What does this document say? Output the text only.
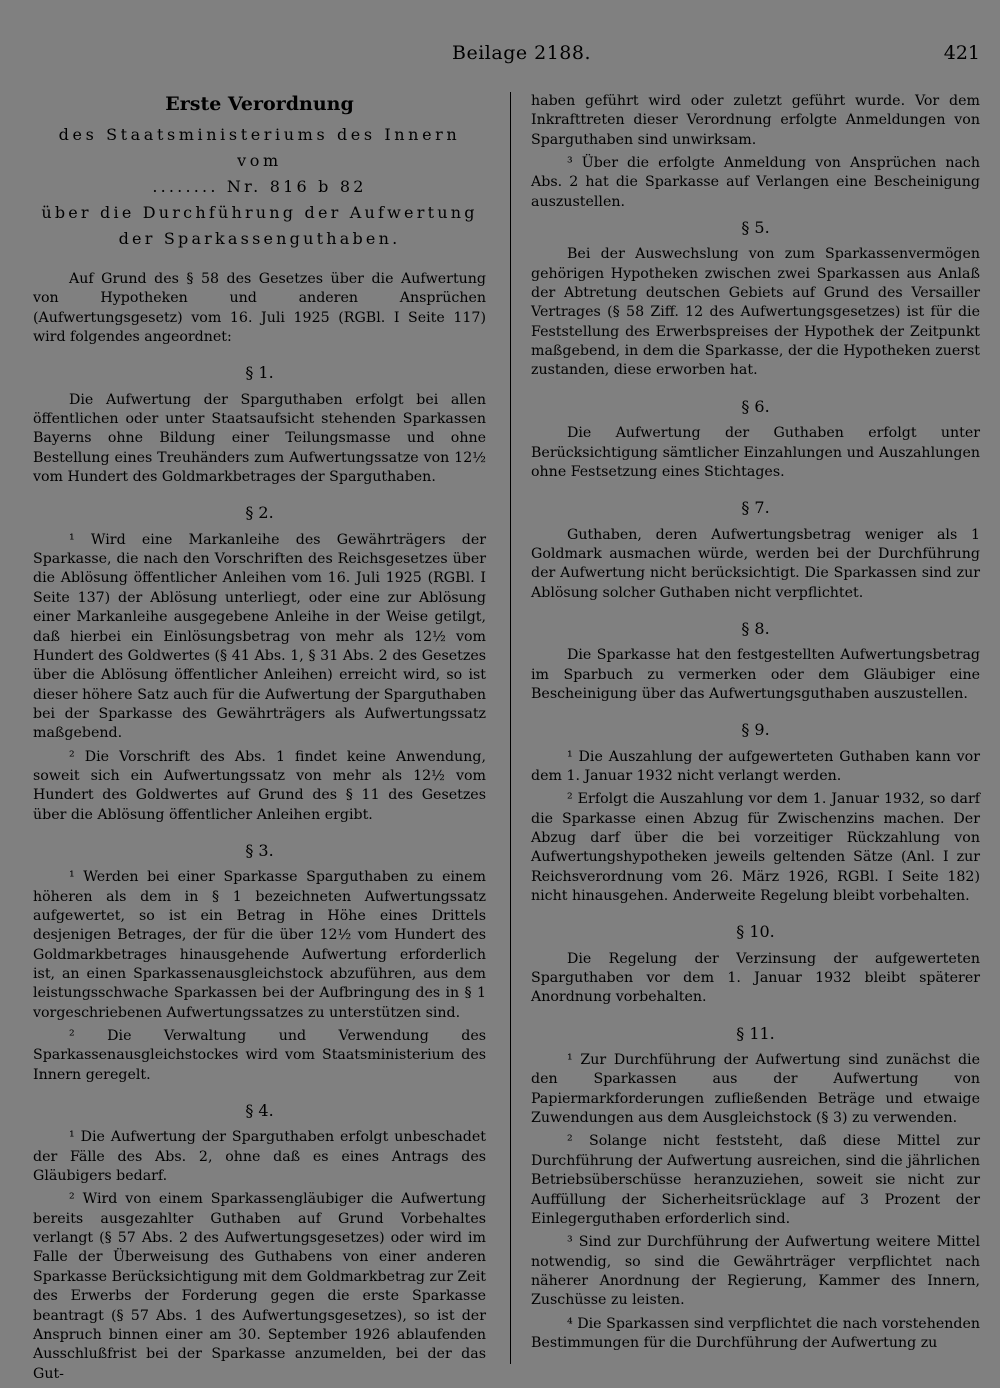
Beilage 2188.	421
Erste Verordnung
des Staatsministeriums des Innern vom
........ Nr. 816 b 82
über die Durchführung der Aufwertung
der Sparkassenguthaben.

Auf Grund des § 58 des Gesetzes über die Aufwertung von Hypotheken und anderen Ansprüchen (Aufwertungsgesetz) vom 16. Juli 1925 (RGBl. I Seite 117) wird folgendes angeordnet:

§ 1.

Die Aufwertung der Sparguthaben erfolgt bei allen öffentlichen oder unter Staatsaufsicht stehenden Sparkassen Bayerns ohne Bildung einer Teilungsmasse und ohne Bestellung eines Treuhänders zum Aufwertungssatze von 12½ vom Hundert des Goldmarkbetrages der Sparguthaben.

§ 2.

¹ Wird eine Markanleihe des Gewährträgers der Sparkasse, die nach den Vorschriften des Reichsgesetzes über die Ablösung öffentlicher Anleihen vom 16. Juli 1925 (RGBl. I Seite 137) der Ablösung unterliegt, oder eine zur Ablösung einer Markanleihe ausgegebene Anleihe in der Weise getilgt, daß hierbei ein Einlösungsbetrag von mehr als 12½ vom Hundert des Goldwertes (§ 41 Abs. 1, § 31 Abs. 2 des Gesetzes über die Ablösung öffentlicher Anleihen) erreicht wird, so ist dieser höhere Satz auch für die Aufwertung der Sparguthaben bei der Sparkasse des Gewährträgers als Aufwertungssatz maßgebend.

² Die Vorschrift des Abs. 1 findet keine Anwendung, soweit sich ein Aufwertungssatz von mehr als 12½ vom Hundert des Goldwertes auf Grund des § 11 des Gesetzes über die Ablösung öffentlicher Anleihen ergibt.

§ 3.

¹ Werden bei einer Sparkasse Sparguthaben zu einem höheren als dem in § 1 bezeichneten Aufwertungssatz aufgewertet, so ist ein Betrag in Höhe eines Drittels desjenigen Betrages, der für die über 12½ vom Hundert des Goldmarkbetrages hinausgehende Aufwertung erforderlich ist, an einen Sparkassenausgleichstock abzuführen, aus dem leistungsschwache Sparkassen bei der Aufbringung des in § 1 vorgeschriebenen Aufwertungssatzes zu unterstützen sind.

² Die Verwaltung und Verwendung des Sparkassenausgleichstockes wird vom Staatsministerium des Innern geregelt.

§ 4.

¹ Die Aufwertung der Sparguthaben erfolgt unbeschadet der Fälle des Abs. 2, ohne daß es eines Antrags des Gläubigers bedarf.

² Wird von einem Sparkassengläubiger die Aufwertung bereits ausgezahlter Guthaben auf Grund Vorbehaltes verlangt (§ 57 Abs. 2 des Aufwertungsgesetzes) oder wird im Falle der Überweisung des Guthabens von einer anderen Sparkasse Berücksichtigung mit dem Goldmarkbetrag zur Zeit des Erwerbs der Forderung gegen die erste Sparkasse beantragt (§ 57 Abs. 1 des Aufwertungsgesetzes), so ist der Anspruch binnen einer am 30. September 1926 ablaufenden Ausschlußfrist bei der Sparkasse anzumelden, bei der das Gut-

haben geführt wird oder zuletzt geführt wurde. Vor dem Inkrafttreten dieser Verordnung erfolgte Anmeldungen von Sparguthaben sind unwirksam.

³ Über die erfolgte Anmeldung von Ansprüchen nach Abs. 2 hat die Sparkasse auf Verlangen eine Bescheinigung auszustellen.

§ 5.

Bei der Auswechslung von zum Sparkassenvermögen gehörigen Hypotheken zwischen zwei Sparkassen aus Anlaß der Abtretung deutschen Gebiets auf Grund des Versailler Vertrages (§ 58 Ziff. 12 des Aufwertungsgesetzes) ist für die Feststellung des Erwerbspreises der Hypothek der Zeitpunkt maßgebend, in dem die Sparkasse, der die Hypotheken zuerst zustanden, diese erworben hat.

§ 6.

Die Aufwertung der Guthaben erfolgt unter Berücksichtigung sämtlicher Einzahlungen und Auszahlungen ohne Festsetzung eines Stichtages.

§ 7.

Guthaben, deren Aufwertungsbetrag weniger als 1 Goldmark ausmachen würde, werden bei der Durchführung der Aufwertung nicht berücksichtigt. Die Sparkassen sind zur Ablösung solcher Guthaben nicht verpflichtet.

§ 8.

Die Sparkasse hat den festgestellten Aufwertungsbetrag im Sparbuch zu vermerken oder dem Gläubiger eine Bescheinigung über das Aufwertungsguthaben auszustellen.

§ 9.

¹ Die Auszahlung der aufgewerteten Guthaben kann vor dem 1. Januar 1932 nicht verlangt werden.

² Erfolgt die Auszahlung vor dem 1. Januar 1932, so darf die Sparkasse einen Abzug für Zwischenzins machen. Der Abzug darf über die bei vorzeitiger Rückzahlung von Aufwertungshypotheken jeweils geltenden Sätze (Anl. I zur Reichsverordnung vom 26. März 1926, RGBl. I Seite 182) nicht hinausgehen. Anderweite Regelung bleibt vorbehalten.

§ 10.

Die Regelung der Verzinsung der aufgewerteten Sparguthaben vor dem 1. Januar 1932 bleibt späterer Anordnung vorbehalten.

§ 11.

¹ Zur Durchführung der Aufwertung sind zunächst die den Sparkassen aus der Aufwertung von Papiermarkforderungen zufließenden Beträge und etwaige Zuwendungen aus dem Ausgleichstock (§ 3) zu verwenden.

² Solange nicht feststeht, daß diese Mittel zur Durchführung der Aufwertung ausreichen, sind die jährlichen Betriebsüberschüsse heranzuziehen, soweit sie nicht zur Auffüllung der Sicherheitsrücklage auf 3 Prozent der Einlegerguthaben erforderlich sind.

³ Sind zur Durchführung der Aufwertung weitere Mittel notwendig, so sind die Gewährträger verpflichtet nach näherer Anordnung der Regierung, Kammer des Innern, Zuschüsse zu leisten.

⁴ Die Sparkassen sind verpflichtet die nach vorstehenden Bestimmungen für die Durchführung der Aufwertung zu
